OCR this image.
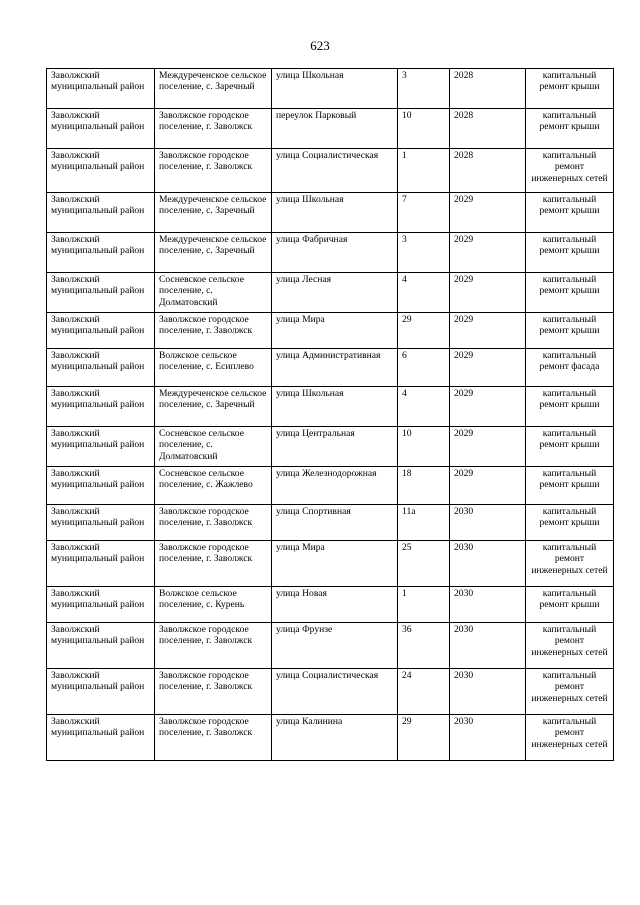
623
Заволжский муниципальный район	Междуреченское сельское поселение, с. Заречный	улица Школьная	3	2028	капитальный ремонт крыши
Заволжский муниципальный район	Заволжское городское поселение, г. Заволжск	переулок Парковый	10	2028	капитальный ремонт крыши
Заволжский муниципальный район	Заволжское городское поселение, г. Заволжск	улица Социалистическая	1	2028	капитальный ремонт инженерных сетей
Заволжский муниципальный район	Междуреченское сельское поселение, с. Заречный	улица Школьная	7	2029	капитальный ремонт крыши
Заволжский муниципальный район	Междуреченское сельское поселение, с. Заречный	улица Фабричная	3	2029	капитальный ремонт крыши
Заволжский муниципальный район	Сосневское сельское поселение, с. Долматовский	улица Лесная	4	2029	капитальный ремонт крыши
Заволжский муниципальный район	Заволжское городское поселение, г. Заволжск	улица Мира	29	2029	капитальный ремонт крыши
Заволжский муниципальный район	Волжское сельское поселение, с. Есиплево	улица Административная	6	2029	капитальный ремонт фасада
Заволжский муниципальный район	Междуреченское сельское поселение, с. Заречный	улица Школьная	4	2029	капитальный ремонт крыши
Заволжский муниципальный район	Сосневское сельское поселение, с. Долматовский	улица Центральная	10	2029	капитальный ремонт крыши
Заволжский муниципальный район	Сосневское сельское поселение, с. Жажлево	улица Железнодорожная	18	2029	капитальный ремонт крыши
Заволжский муниципальный район	Заволжское городское поселение, г. Заволжск	улица Спортивная	11а	2030	капитальный ремонт крыши
Заволжский муниципальный район	Заволжское городское поселение, г. Заволжск	улица Мира	25	2030	капитальный ремонт инженерных сетей
Заволжский муниципальный район	Волжское сельское поселение, с. Курень	улица Новая	1	2030	капитальный ремонт крыши
Заволжский муниципальный район	Заволжское городское поселение, г. Заволжск	улица Фрунзе	36	2030	капитальный ремонт инженерных сетей
Заволжский муниципальный район	Заволжское городское поселение, г. Заволжск	улица Социалистическая	24	2030	капитальный ремонт инженерных сетей
Заволжский муниципальный район	Заволжское городское поселение, г. Заволжск	улица Калинина	29	2030	капитальный ремонт инженерных сетей
